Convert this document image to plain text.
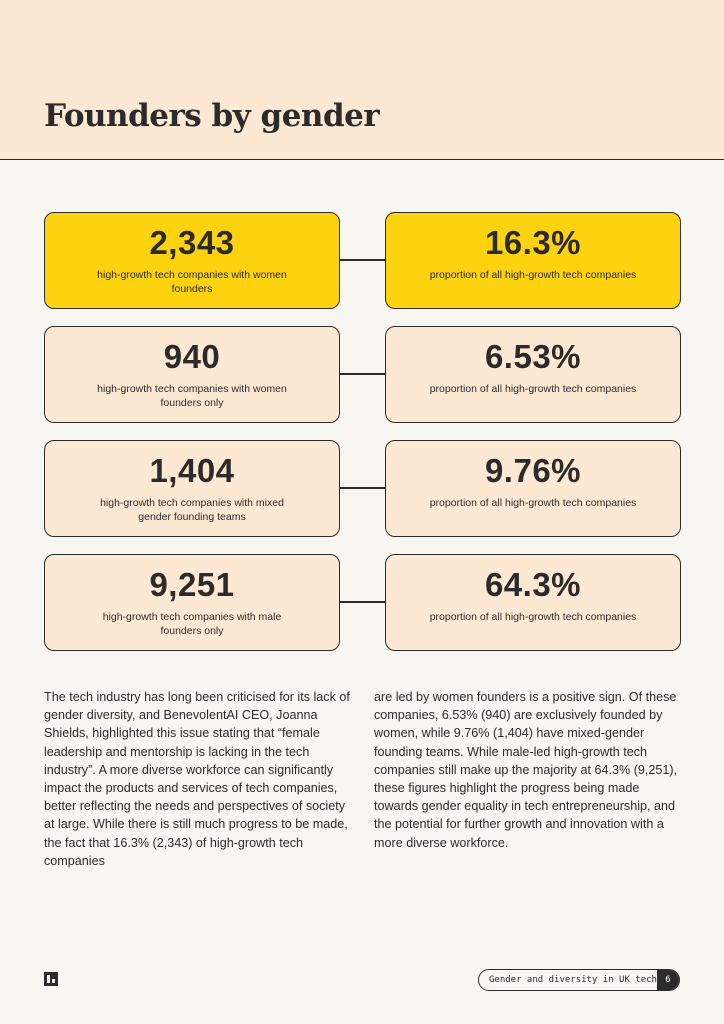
Founders by gender
2,343
high-growth tech companies with women founders
16.3%
proportion of all high-growth tech companies
940
high-growth tech companies with women founders only
6.53%
proportion of all high-growth tech companies
1,404
high-growth tech companies with mixed gender founding teams
9.76%
proportion of all high-growth tech companies
9,251
high-growth tech companies with male founders only
64.3%
proportion of all high-growth tech companies

The tech industry has long been criticised for its lack of gender diversity, and BenevolentAI CEO, Joanna Shields, highlighted this issue stating that “female leadership and mentorship is lacking in the tech industry”. A more diverse workforce can significantly impact the products and services of tech companies, better reflecting the needs and perspectives of society at large. While there is still much progress to be made, the fact that 16.3% (2,343) of high-growth tech companies

are led by women founders is a positive sign. Of these companies, 6.53% (940) are exclusively founded by women, while 9.76% (1,404) have mixed-gender founding teams. While male-led high-growth tech companies still make up the majority at 64.3% (9,251), these figures highlight the progress being made towards gender equality in tech entrepreneurship, and the potential for further growth and innovation with a more diverse workforce.

Gender and diversity in UK tech 6
